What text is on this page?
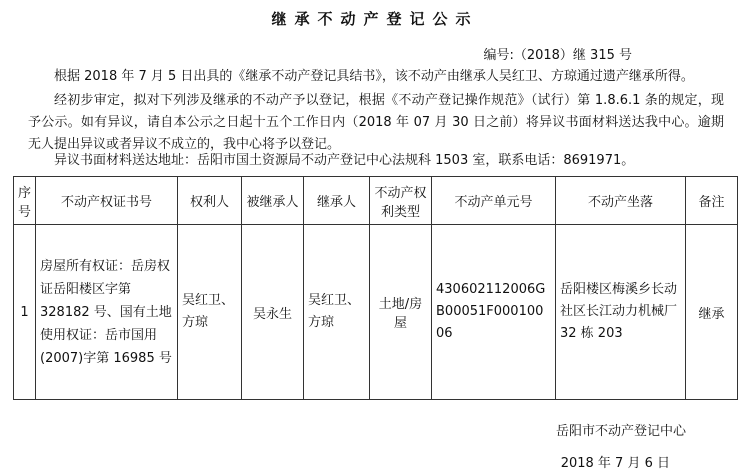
继承不动产登记公示
编号:（2018）继 315 号
根据 2018 年 7 月 5 日出具的《继承不动产登记具结书》，该不动产由继承人吴红卫、方琼通过遗产继承所得。
经初步审定，拟对下列涉及继承的不动产予以登记，根据《不动产登记操作规范》（试行）第 1.8.6.1 条的规定，现予公示。如有异议，请自本公示之日起十五个工作日内（2018 年 07 月 30 日之前）将异议书面材料送达我中心。逾期无人提出异议或者异议不成立的，我中心将予以登记。
异议书面材料送达地址：岳阳市国土资源局不动产登记中心法规科 1503 室，联系电话：8691971。
序号	不动产权证书号	权利人	被继承人	继承人	不动产权利类型	不动产单元号	不动产坐落	备注
1	房屋所有权证：岳房权证岳阳楼区字第 328182 号、国有土地使用权证：岳市国用 (2007)字第 16985 号	吴红卫、方琼	吴永生	吴红卫、方琼	土地/房屋	430602112006GB00051F00010006	岳阳楼区梅溪乡长动社区长江动力机械厂 32 栋 203	继承
岳阳市不动产登记中心
2018 年 7 月 6 日
